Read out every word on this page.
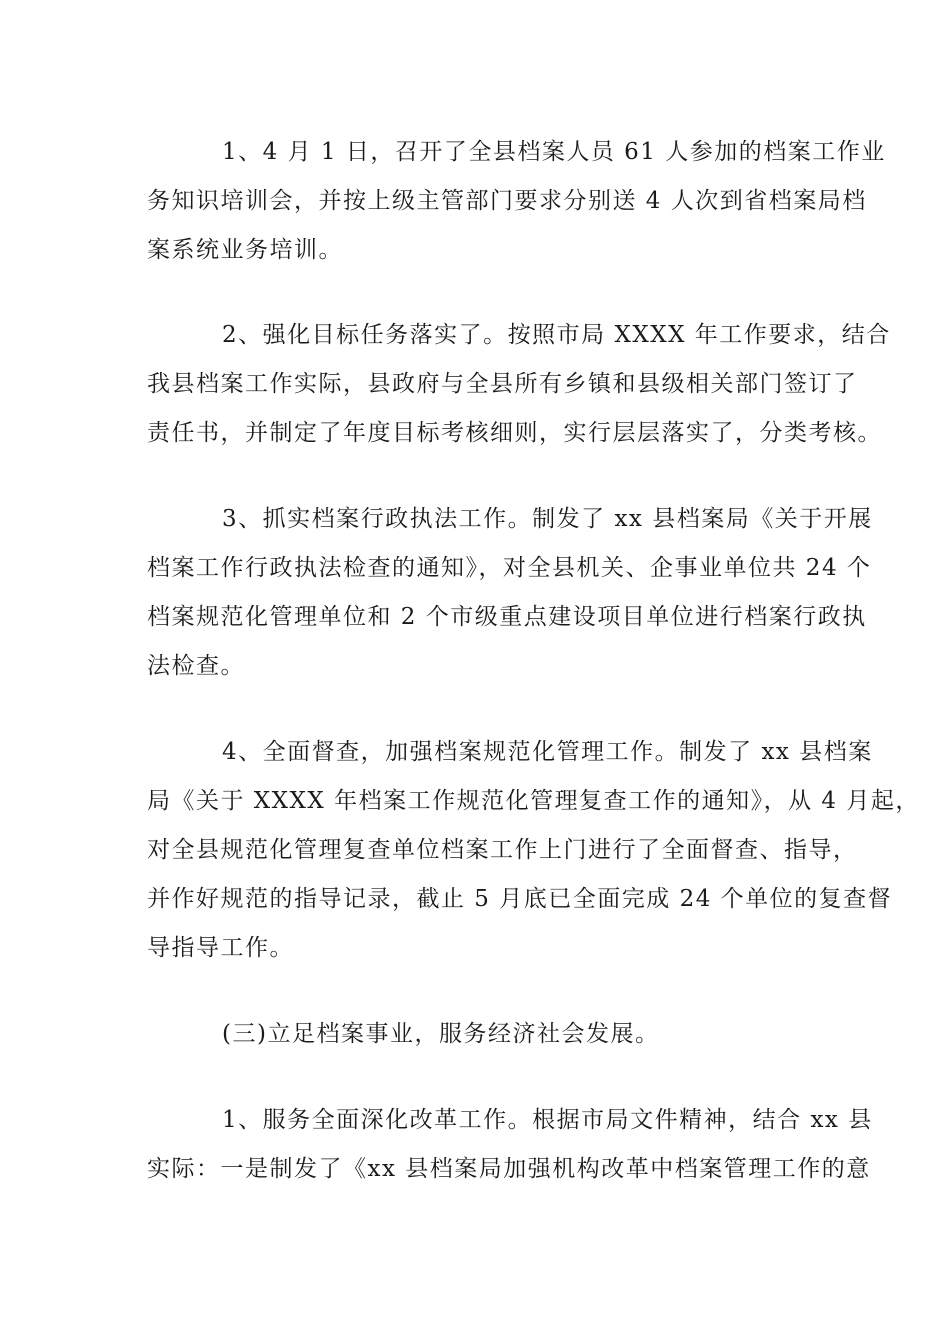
1、4 月 1 日，召开了全县档案人员 61 人参加的档案工作业
务知识培训会，并按上级主管部门要求分别送 4 人次到省档案局档
案系统业务培训。
2、强化目标任务落实了。按照市局 XXXX 年工作要求，结合
我县档案工作实际，县政府与全县所有乡镇和县级相关部门签订了
责任书，并制定了年度目标考核细则，实行层层落实了，分类考核。
3、抓实档案行政执法工作。制发了 xx 县档案局《关于开展
档案工作行政执法检查的通知》，对全县机关、企事业单位共 24 个
档案规范化管理单位和 2 个市级重点建设项目单位进行档案行政执
法检查。
4、全面督查，加强档案规范化管理工作。制发了 xx 县档案
局《关于 XXXX 年档案工作规范化管理复查工作的通知》，从 4 月起，
对全县规范化管理复查单位档案工作上门进行了全面督查、指导，
并作好规范的指导记录，截止 5 月底已全面完成 24 个单位的复查督
导指导工作。
(三)立足档案事业，服务经济社会发展。
1、服务全面深化改革工作。根据市局文件精神，结合 xx 县
实际：一是制发了《xx 县档案局加强机构改革中档案管理工作的意
